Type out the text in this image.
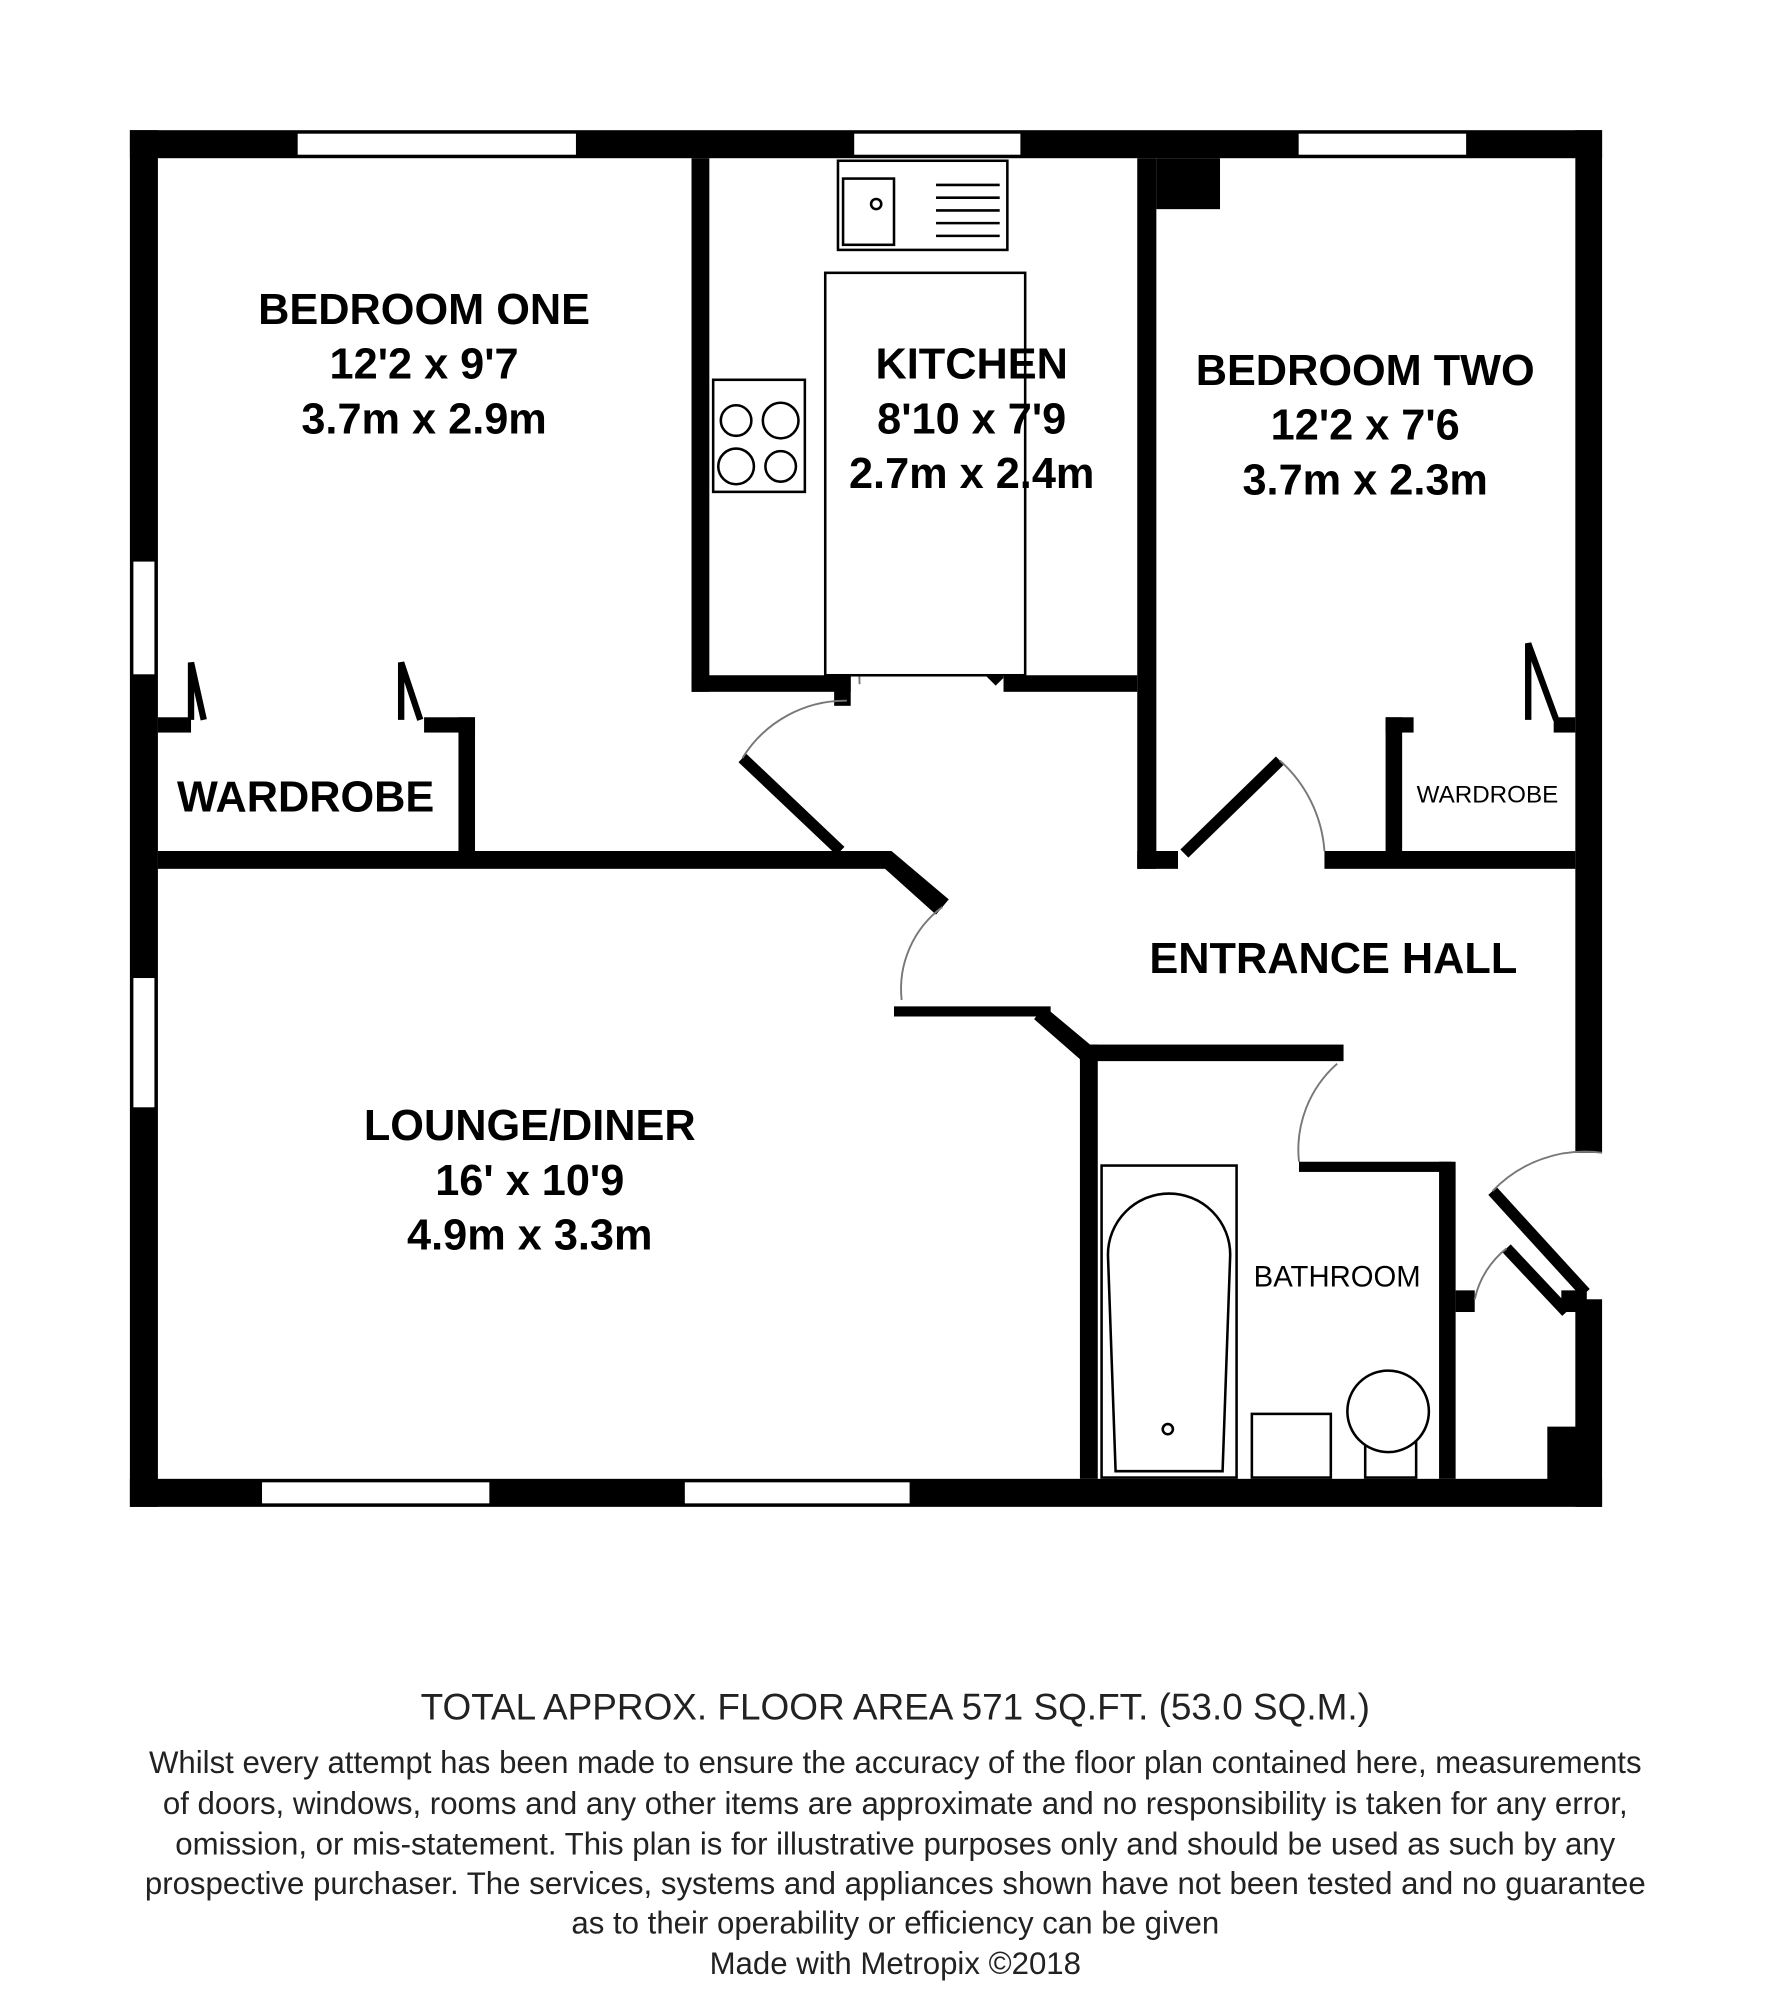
BEDROOM ONE
12'2 x 9'7
3.7m x 2.9m
KITCHEN
8'10 x 7'9
2.7m x 2.4m
BEDROOM TWO
12'2 x 7'6
3.7m x 2.3m
WARDROBE	WARDROBE
ENTRANCE HALL
LOUNGE/DINER
16' x 10'9
4.9m x 3.3m
BATHROOM
TOTAL APPROX. FLOOR AREA 571 SQ.FT. (53.0 SQ.M.)
Whilst every attempt has been made to ensure the accuracy of the floor plan contained here, measurements
of doors, windows, rooms and any other items are approximate and no responsibility is taken for any error,
omission, or mis-statement. This plan is for illustrative purposes only and should be used as such by any
prospective purchaser. The services, systems and appliances shown have not been tested and no guarantee
as to their operability or efficiency can be given
Made with Metropix ©2018
